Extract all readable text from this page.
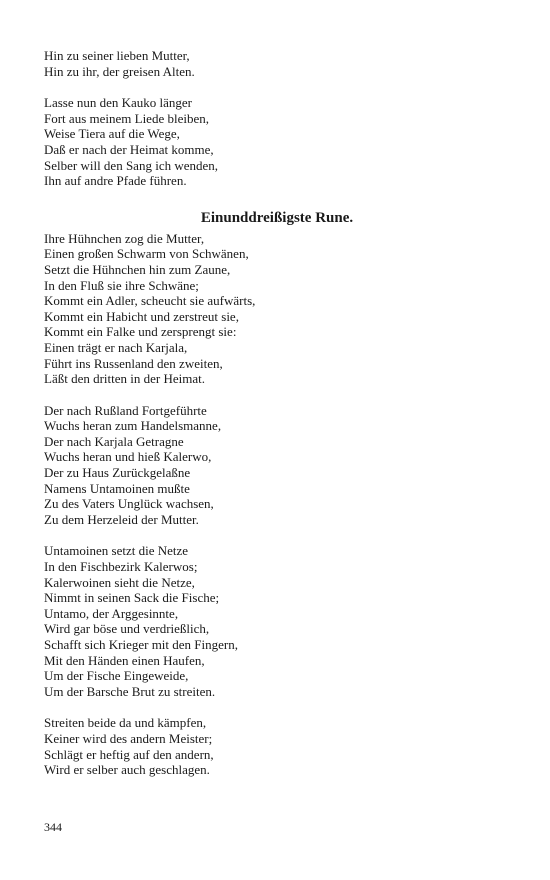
Hin zu seiner lieben Mutter,
Hin zu ihr, der greisen Alten.
Lasse nun den Kauko länger
Fort aus meinem Liede bleiben,
Weise Tiera auf die Wege,
Daß er nach der Heimat komme,
Selber will den Sang ich wenden,
Ihn auf andre Pfade führen.
Einunddreißigste Rune.
Ihre Hühnchen zog die Mutter,
Einen großen Schwarm von Schwänen,
Setzt die Hühnchen hin zum Zaune,
In den Fluß sie ihre Schwäne;
Kommt ein Adler, scheucht sie aufwärts,
Kommt ein Habicht und zerstreut sie,
Kommt ein Falke und zersprengt sie:
Einen trägt er nach Karjala,
Führt ins Russenland den zweiten,
Läßt den dritten in der Heimat.
Der nach Rußland Fortgeführte
Wuchs heran zum Handelsmanne,
Der nach Karjala Getragne
Wuchs heran und hieß Kalerwo,
Der zu Haus Zurückgelaßne
Namens Untamoinen mußte
Zu des Vaters Unglück wachsen,
Zu dem Herzeleid der Mutter.
Untamoinen setzt die Netze
In den Fischbezirk Kalerwos;
Kalerwoinen sieht die Netze,
Nimmt in seinen Sack die Fische;
Untamo, der Arggesinnte,
Wird gar böse und verdrießlich,
Schafft sich Krieger mit den Fingern,
Mit den Händen einen Haufen,
Um der Fische Eingeweide,
Um der Barsche Brut zu streiten.
Streiten beide da und kämpfen,
Keiner wird des andern Meister;
Schlägt er heftig auf den andern,
Wird er selber auch geschlagen.
344
